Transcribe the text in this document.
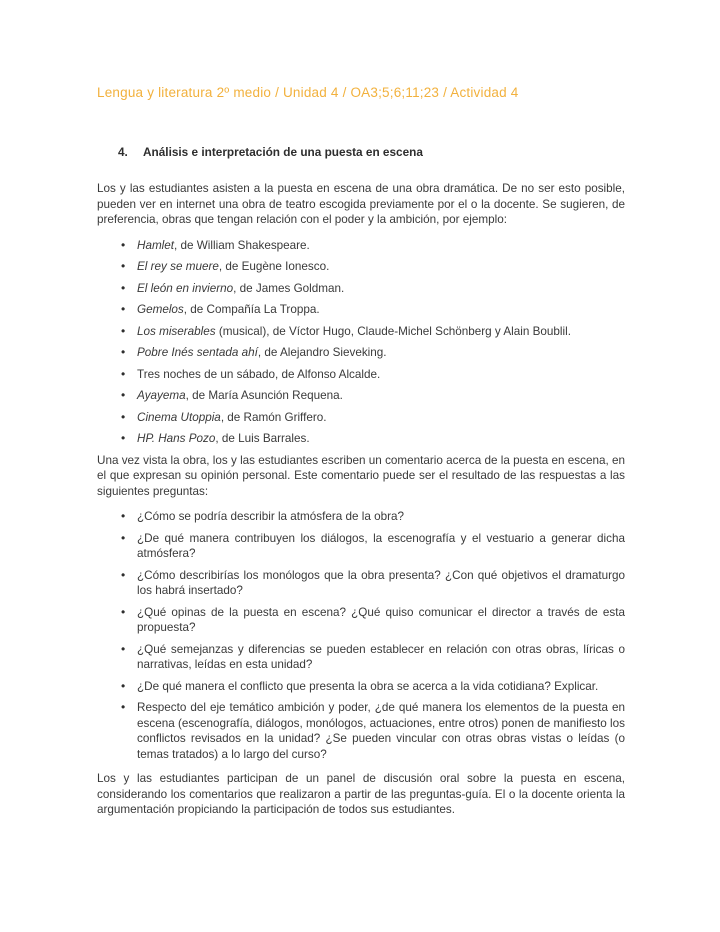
Lengua y literatura 2º medio / Unidad 4 / OA3;5;6;11;23 / Actividad 4
4.	Análisis e interpretación de una puesta en escena

Los y las estudiantes asisten a la puesta en escena de una obra dramática. De no ser esto posible, pueden ver en internet una obra de teatro escogida previamente por el o la docente. Se sugieren, de preferencia, obras que tengan relación con el poder y la ambición, por ejemplo:

• Hamlet, de William Shakespeare.
• El rey se muere, de Eugène Ionesco.
• El león en invierno, de James Goldman.
• Gemelos, de Compañía La Troppa.
• Los miserables (musical), de Víctor Hugo, Claude-Michel Schönberg y Alain Boublil.
• Pobre Inés sentada ahí, de Alejandro Sieveking.
• Tres noches de un sábado, de Alfonso Alcalde.
• Ayayema, de María Asunción Requena.
• Cinema Utoppia, de Ramón Griffero.
• HP. Hans Pozo, de Luis Barrales.

Una vez vista la obra, los y las estudiantes escriben un comentario acerca de la puesta en escena, en el que expresan su opinión personal. Este comentario puede ser el resultado de las respuestas a las siguientes preguntas:

• ¿Cómo se podría describir la atmósfera de la obra?
• ¿De qué manera contribuyen los diálogos, la escenografía y el vestuario a generar dicha atmósfera?
• ¿Cómo describirías los monólogos que la obra presenta? ¿Con qué objetivos el dramaturgo los habrá insertado?
• ¿Qué opinas de la puesta en escena? ¿Qué quiso comunicar el director a través de esta propuesta?
• ¿Qué semejanzas y diferencias se pueden establecer en relación con otras obras, líricas o narrativas, leídas en esta unidad?
• ¿De qué manera el conflicto que presenta la obra se acerca a la vida cotidiana? Explicar.
• Respecto del eje temático ambición y poder, ¿de qué manera los elementos de la puesta en escena (escenografía, diálogos, monólogos, actuaciones, entre otros) ponen de manifiesto los conflictos revisados en la unidad? ¿Se pueden vincular con otras obras vistas o leídas (o temas tratados) a lo largo del curso?

Los y las estudiantes participan de un panel de discusión oral sobre la puesta en escena, considerando los comentarios que realizaron a partir de las preguntas-guía. El o la docente orienta la argumentación propiciando la participación de todos sus estudiantes.
